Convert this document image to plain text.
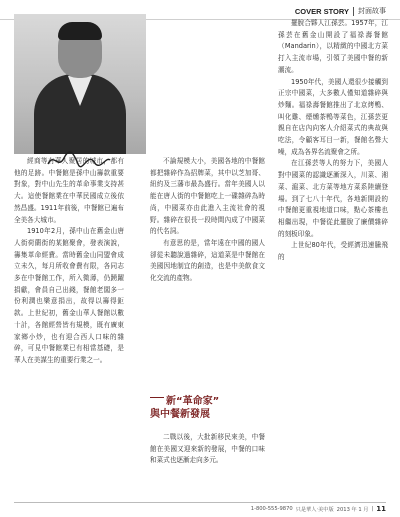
COVER STORY 封面故事

經商等有華人聚居的城市，都有他的足跡。中餐館是孫中山籌款重要對象，對中山先生的革命事業支持甚大。這使餐館業在中華民國成立後依然昌盛。1911年前後，中餐館已遍布全美各大城市。

1910年2月，孫中山在舊金山唐人街荷蘭街的某館聚會，發表演說，籌集革命經費。當時舊金山同盟會成立未久，每月所收會費有限，各同志多在中餐館工作，所入微薄，仍踴躍捐獻，會員自己出錢，餐館老闆多一份利潤也樂意捐出，故得以籌得鉅款。上世紀初，舊金山華人餐館以數十計，各館經營皆有規模，既有廣東家鄉小炒，也有迎合西人口味的雜碎，可見中餐館業已有相當基礎，是華人在美謀生的重要行業之一。

不論規模大小，美國各地的中餐館都把雜碎作為招牌菜，其中以芝加哥、紐約及三藩市最為盛行。當年美國人以能在唐人街的中餐館吃上一碟雜碎為時尚，中國菜亦由此進入主流社會的視野。雜碎在很長一段時間內成了中國菜的代名詞。

有意思的是，當年遠在中國的國人卻從未聽說過雜碎，這道菜是中餐館在美國因地制宜的創造，也是中美飲食文化交流的產物。

新“革命家”
與中餐新發展

二戰以後，大批新移民來美，中餐館在美國又迎來新的發展，中餐的口味和菜式也逐漸走向多元。

擺脫合夥人江孫芸。1957年，江孫芸在舊金山開設了福祿壽餐館（Mandarin），以精緻的中國北方菜打入主流市場，引領了美國中餐的新潮流。

1950年代，美國人還很少接觸到正宗中國菜，大多數人僅知道雜碎與炒麵。福祿壽餐館推出了北京烤鴨、叫化雞、煙燻茶鴨等菜色，江孫芸更親自在店內向客人介紹菜式的典故與吃法，令顧客耳目一新，餐館名聲大噪，成為各界名流聚會之所。

在江孫芸等人的努力下，美國人對中國菜的認識逐漸深入，川菜、湘菜、滬菜、北方菜等地方菜系陸續登場。到了七八十年代，各地新開設的中餐館更重視地道口味，點心茶樓也相繼出現，中餐從此擺脫了廉價雜碎的刻板印象。

上世紀80年代，受經濟迅速騰飛的

1-800-555-9870 只是華人‧美中版 2013 年 1 月 | 11
